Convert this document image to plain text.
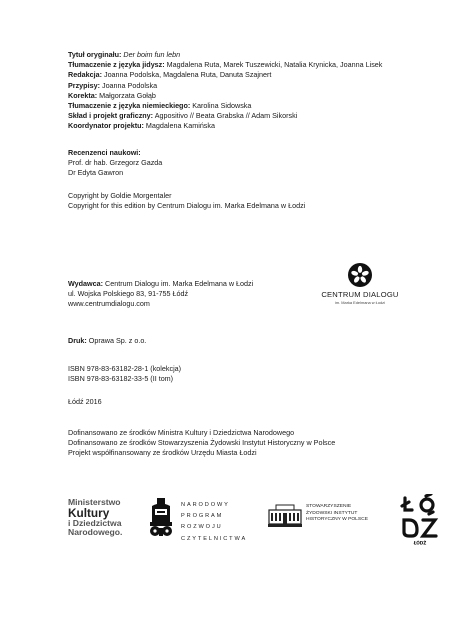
Tytuł oryginału: Der boim fun lebn
Tłumaczenie z języka jidysz: Magdalena Ruta, Marek Tuszewicki, Natalia Krynicka, Joanna Lisek
Redakcja: Joanna Podolska, Magdalena Ruta, Danuta Szajnert
Przypisy: Joanna Podolska
Korekta: Małgorzata Gołąb
Tłumaczenie z języka niemieckiego: Karolina Sidowska
Skład i projekt graficzny: Agpositivo // Beata Grabska // Adam Sikorski
Koordynator projektu: Magdalena Kamińska
Recenzenci naukowi:
Prof. dr hab. Grzegorz Gazda
Dr Edyta Gawron
Copyright by Goldie Morgentaler
Copyright for this edition by Centrum Dialogu im. Marka Edelmana w Łodzi
Wydawca: Centrum Dialogu im. Marka Edelmana w Łodzi
ul. Wojska Polskiego 83, 91-755 Łódź
www.centrumdialogu.com
CENTRUM DIALOGU
im. Marka Edelmana w Łodzi
Druk: Oprawa Sp. z o.o.
ISBN 978-83-63182-28-1 (kolekcja)
ISBN 978-83-63182-33-5 (II tom)
Łódź 2016
Dofinansowano ze środków Ministra Kultury i Dziedzictwa Narodowego
Dofinansowano ze środków Stowarzyszenia Żydowski Instytut Historyczny w Polsce
Projekt współfinansowany ze środków Urzędu Miasta Łodzi
Ministerstwo
Kultury
i Dziedzictwa
Narodowego.
NARODOWY
PROGRAM
ROZWOJU
CZYTELNICTWA
STOWARZYSZENIE
ŻYDOWSKI INSTYTUT
HISTORYCZNY W POLSCE
ŁÓDŹ
